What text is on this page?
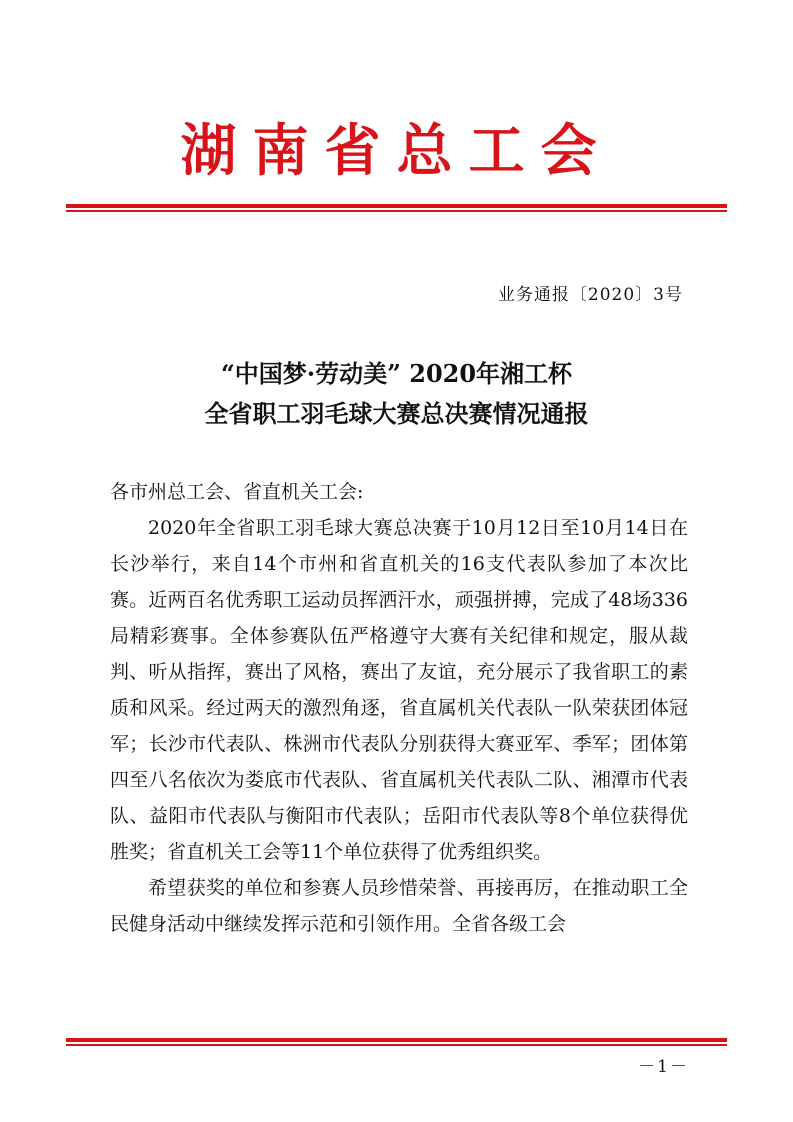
湖南省总工会
业务通报〔2020〕3号
“中国梦·劳动美” 2020年湘工杯
全省职工羽毛球大赛总决赛情况通报

各市州总工会、省直机关工会:

2020年全省职工羽毛球大赛总决赛于10月12日至10月14日在长沙举行，来自14个市州和省直机关的16支代表队参加了本次比赛。近两百名优秀职工运动员挥洒汗水，顽强拼搏，完成了48场336局精彩赛事。全体参赛队伍严格遵守大赛有关纪律和规定，服从裁判、听从指挥，赛出了风格，赛出了友谊，充分展示了我省职工的素质和风采。经过两天的激烈角逐，省直属机关代表队一队荣获团体冠军；长沙市代表队、株洲市代表队分别获得大赛亚军、季军；团体第四至八名依次为娄底市代表队、省直属机关代表队二队、湘潭市代表队、益阳市代表队与衡阳市代表队；岳阳市代表队等8个单位获得优胜奖；省直机关工会等11个单位获得了优秀组织奖。

希望获奖的单位和参赛人员珍惜荣誉、再接再厉，在推动职工全民健身活动中继续发挥示范和引领作用。全省各级工会

－1－
